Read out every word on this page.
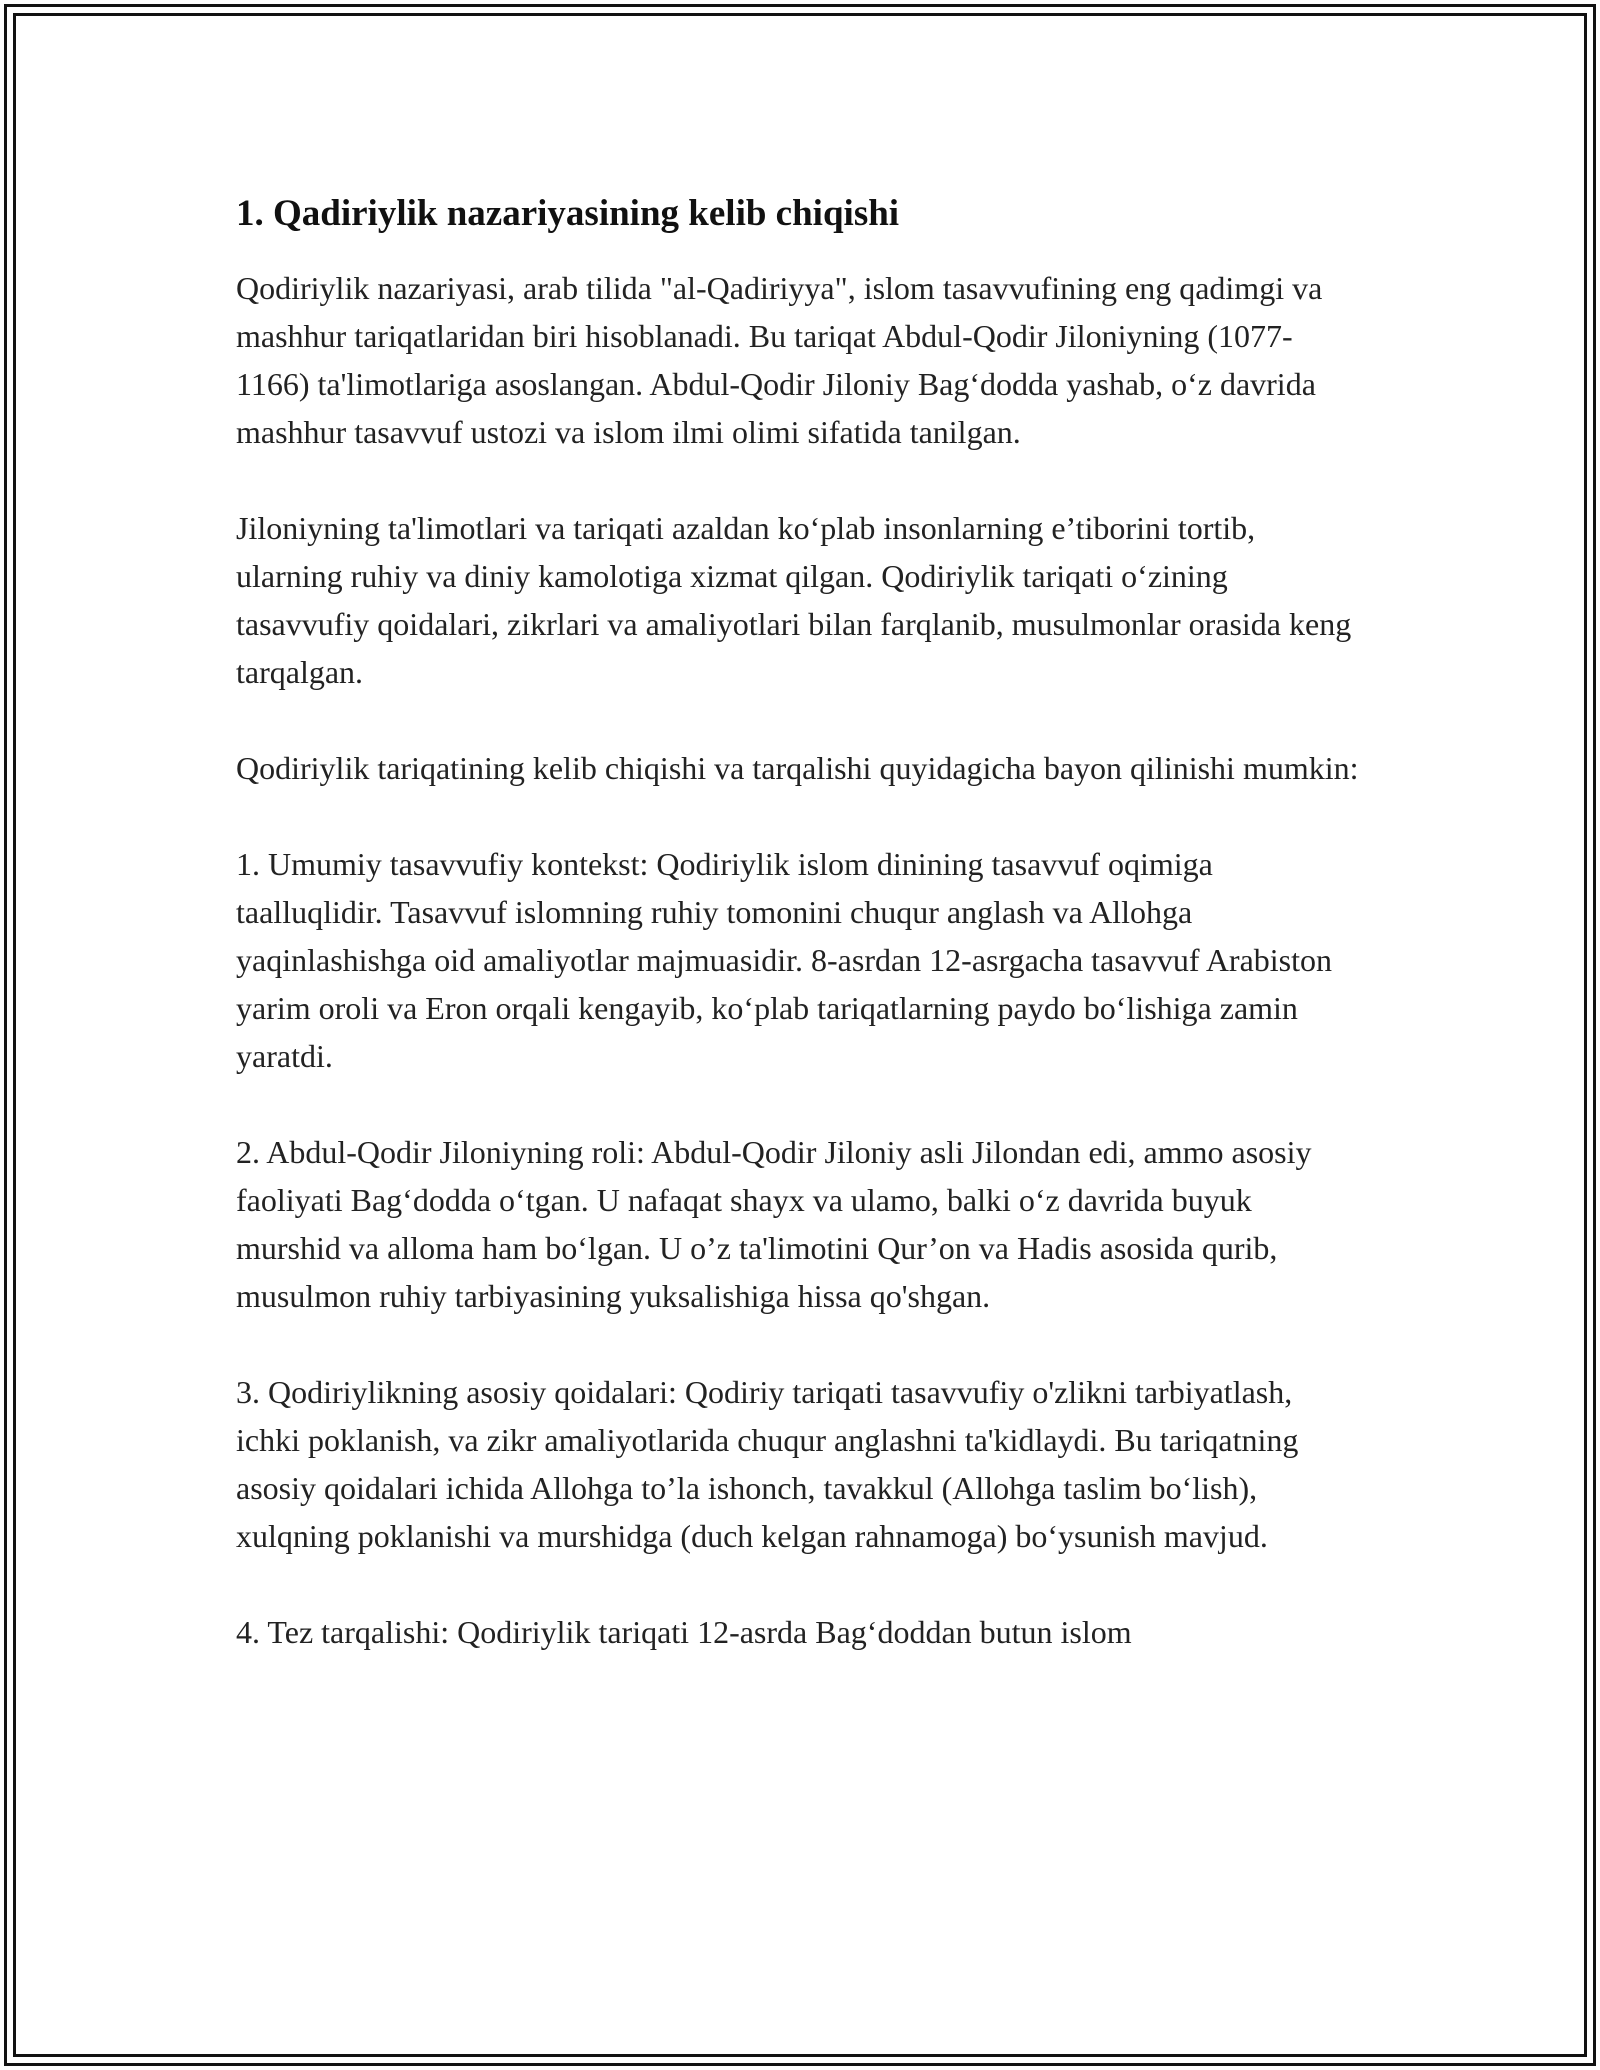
1. Qadiriylik nazariyasining kelib chiqishi

Qodiriylik nazariyasi, arab tilida "al-Qadiriyya", islom tasavvufining eng qadimgi va mashhur tariqatlaridan biri hisoblanadi. Bu tariqat Abdul-Qodir Jiloniyning (1077-1166) ta'limotlariga asoslangan. Abdul-Qodir Jiloniy Bag‘dodda yashab, o‘z davrida mashhur tasavvuf ustozi va islom ilmi olimi sifatida tanilgan.

Jiloniyning ta'limotlari va tariqati azaldan ko‘plab insonlarning e’tiborini tortib, ularning ruhiy va diniy kamolotiga xizmat qilgan. Qodiriylik tariqati o‘zining tasavvufiy qoidalari, zikrlari va amaliyotlari bilan farqlanib, musulmonlar orasida keng tarqalgan.

Qodiriylik tariqatining kelib chiqishi va tarqalishi quyidagicha bayon qilinishi mumkin:

1. Umumiy tasavvufiy kontekst: Qodiriylik islom dinining tasavvuf oqimiga taalluqlidir. Tasavvuf islomning ruhiy tomonini chuqur anglash va Allohga yaqinlashishga oid amaliyotlar majmuasidir. 8-asrdan 12-asrgacha tasavvuf Arabiston yarim oroli va Eron orqali kengayib, ko‘plab tariqatlarning paydo bo‘lishiga zamin yaratdi.

2. Abdul-Qodir Jiloniyning roli: Abdul-Qodir Jiloniy asli Jilondan edi, ammo asosiy faoliyati Bag‘dodda o‘tgan. U nafaqat shayx va ulamo, balki o‘z davrida buyuk murshid va alloma ham bo‘lgan. U o’z ta'limotini Qur’on va Hadis asosida qurib, musulmon ruhiy tarbiyasining yuksalishiga hissa qo'shgan.

3. Qodiriylikning asosiy qoidalari: Qodiriy tariqati tasavvufiy o'zlikni tarbiyatlash, ichki poklanish, va zikr amaliyotlarida chuqur anglashni ta'kidlaydi. Bu tariqatning asosiy qoidalari ichida Allohga to’la ishonch, tavakkul (Allohga taslim bo‘lish), xulqning poklanishi va murshidga (duch kelgan rahnamoga) bo‘ysunish mavjud.

4. Tez tarqalishi: Qodiriylik tariqati 12-asrda Bag‘doddan butun islom
